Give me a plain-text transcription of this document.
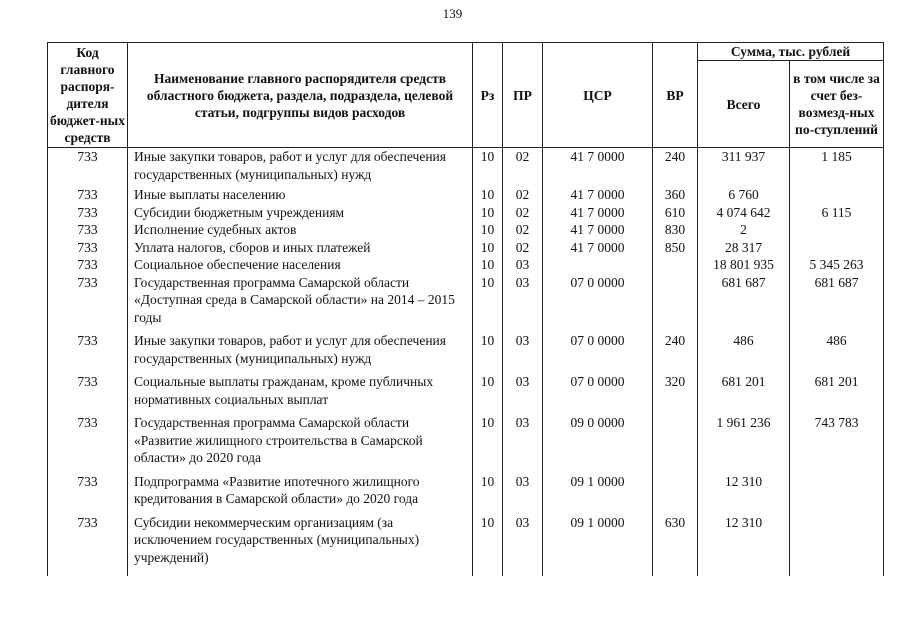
139
Код главного распоря-дителя бюджет-ных средств	Наименование главного распорядителя средств областного бюджета, раздела, подраздела, целевой статьи, подгруппы видов расходов	Рз	ПР	ЦСР	ВР	Сумма, тыс. рублей	
						Всего	в том числе за счет без-возмезд-ных по-ступлений
733	Иные закупки товаров, работ и услуг для обеспечения государственных (муниципальных) нужд	10	02	41 7 0000	240	311 937	1 185
733	Иные выплаты населению	10	02	41 7 0000	360	6 760	
733	Субсидии бюджетным учреждениям	10	02	41 7 0000	610	4 074 642	6 115
733	Исполнение судебных актов	10	02	41 7 0000	830	2	
733	Уплата налогов, сборов и иных платежей	10	02	41 7 0000	850	28 317	
733	Социальное обеспечение населения	10	03			18 801 935	5 345 263
733	Государственная программа Самарской области «Доступная среда в Самарской области» на 2014 – 2015 годы	10	03	07 0 0000		681 687	681 687
733	Иные закупки товаров, работ и услуг для обеспечения государственных (муниципальных) нужд	10	03	07 0 0000	240	486	486
733	Социальные выплаты гражданам, кроме публичных нормативных социальных выплат	10	03	07 0 0000	320	681 201	681 201
733	Государственная программа Самарской области «Развитие жилищного строительства в Самарской области» до 2020 года	10	03	09 0 0000		1 961 236	743 783
733	Подпрограмма «Развитие ипотечного жилищного кредитования в Самарской области» до 2020 года	10	03	09 1 0000		12 310	
733	Субсидии некоммерческим организациям (за исключением государственных (муниципальных) учреждений)	10	03	09 1 0000	630	12 310	
